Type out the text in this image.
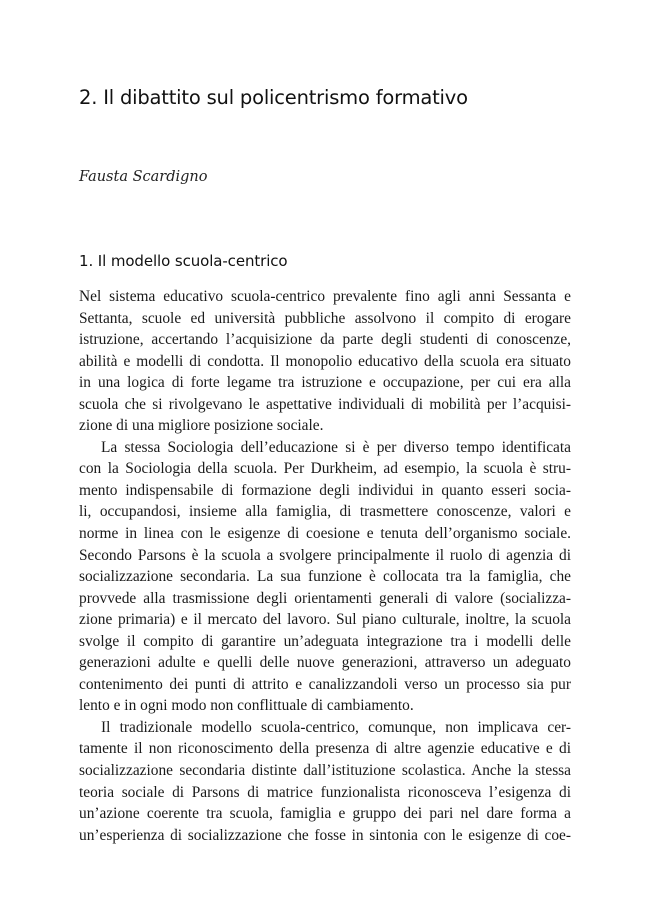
2. Il dibattito sul policentrismo formativo

Fausta Scardigno

1. Il modello scuola-centrico
Nel sistema educativo scuola-centrico prevalente fino agli anni Sessanta e
Settanta, scuole ed università pubbliche assolvono il compito di erogare
istruzione, accertando l’acquisizione da parte degli studenti di conoscenze,
abilità e modelli di condotta. Il monopolio educativo della scuola era situato
in una logica di forte legame tra istruzione e occupazione, per cui era alla
scuola che si rivolgevano le aspettative individuali di mobilità per l’acquisi-
zione di una migliore posizione sociale.
La stessa Sociologia dell’educazione si è per diverso tempo identificata
con la Sociologia della scuola. Per Durkheim, ad esempio, la scuola è stru-
mento indispensabile di formazione degli individui in quanto esseri socia-
li, occupandosi, insieme alla famiglia, di trasmettere conoscenze, valori e
norme in linea con le esigenze di coesione e tenuta dell’organismo sociale.
Secondo Parsons è la scuola a svolgere principalmente il ruolo di agenzia di
socializzazione secondaria. La sua funzione è collocata tra la famiglia, che
provvede alla trasmissione degli orientamenti generali di valore (socializza-
zione primaria) e il mercato del lavoro. Sul piano culturale, inoltre, la scuola
svolge il compito di garantire un’adeguata integrazione tra i modelli delle
generazioni adulte e quelli delle nuove generazioni, attraverso un adeguato
contenimento dei punti di attrito e canalizzandoli verso un processo sia pur
lento e in ogni modo non conflittuale di cambiamento.
Il tradizionale modello scuola-centrico, comunque, non implicava cer-
tamente il non riconoscimento della presenza di altre agenzie educative e di
socializzazione secondaria distinte dall’istituzione scolastica. Anche la stessa
teoria sociale di Parsons di matrice funzionalista riconosceva l’esigenza di
un’azione coerente tra scuola, famiglia e gruppo dei pari nel dare forma a
un’esperienza di socializzazione che fosse in sintonia con le esigenze di coe-
